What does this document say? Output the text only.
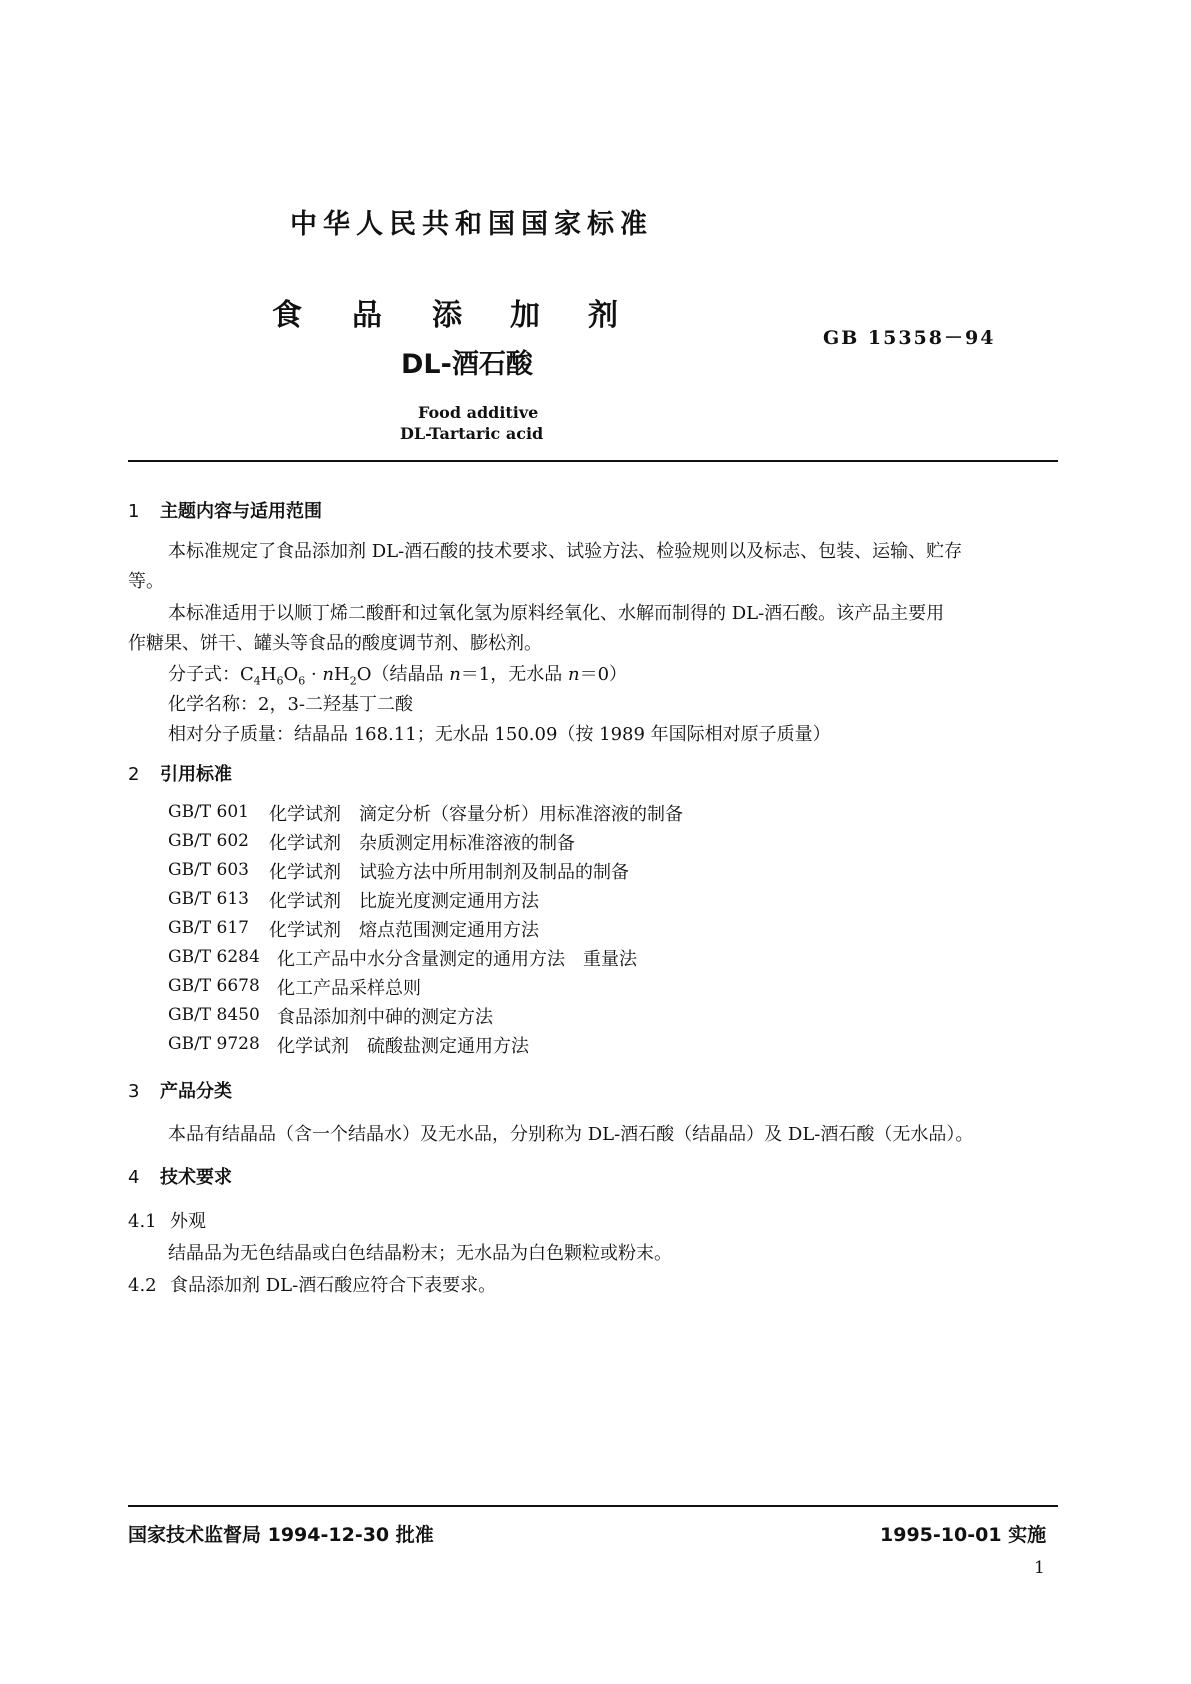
中华人民共和国国家标准
食 品 添 加 剂
DL-酒石酸
GB 15358－94
Food additive
DL-Tartaric acid
1 主题内容与适用范围
本标准规定了食品添加剂 DL-酒石酸的技术要求、试验方法、检验规则以及标志、包装、运输、贮存
等。
本标准适用于以顺丁烯二酸酐和过氧化氢为原料经氧化、水解而制得的 DL-酒石酸。该产品主要用
作糖果、饼干、罐头等食品的酸度调节剂、膨松剂。
分子式：$C_4H_6O_6 \cdot nH_2O$（结晶品 n＝1，无水品 n＝0）
化学名称：2，3-二羟基丁二酸
相对分子质量：结晶品 168.11；无水品 150.09（按 1989 年国际相对原子质量）
2 引用标准
GB/T 601 化学试剂　滴定分析（容量分析）用标准溶液的制备
GB/T 602 化学试剂　杂质测定用标准溶液的制备
GB/T 603 化学试剂　试验方法中所用制剂及制品的制备
GB/T 613 化学试剂　比旋光度测定通用方法
GB/T 617 化学试剂　熔点范围测定通用方法
GB/T 6284 化工产品中水分含量测定的通用方法　重量法
GB/T 6678 化工产品采样总则
GB/T 8450 食品添加剂中砷的测定方法
GB/T 9728 化学试剂　硫酸盐测定通用方法
3 产品分类
本品有结晶品（含一个结晶水）及无水品，分别称为 DL-酒石酸（结晶品）及 DL-酒石酸（无水品）。
4 技术要求
4.1 外观
结晶品为无色结晶或白色结晶粉末；无水品为白色颗粒或粉末。
4.2 食品添加剂 DL-酒石酸应符合下表要求。
国家技术监督局 1994-12-30 批准	1995-10-01 实施
1
